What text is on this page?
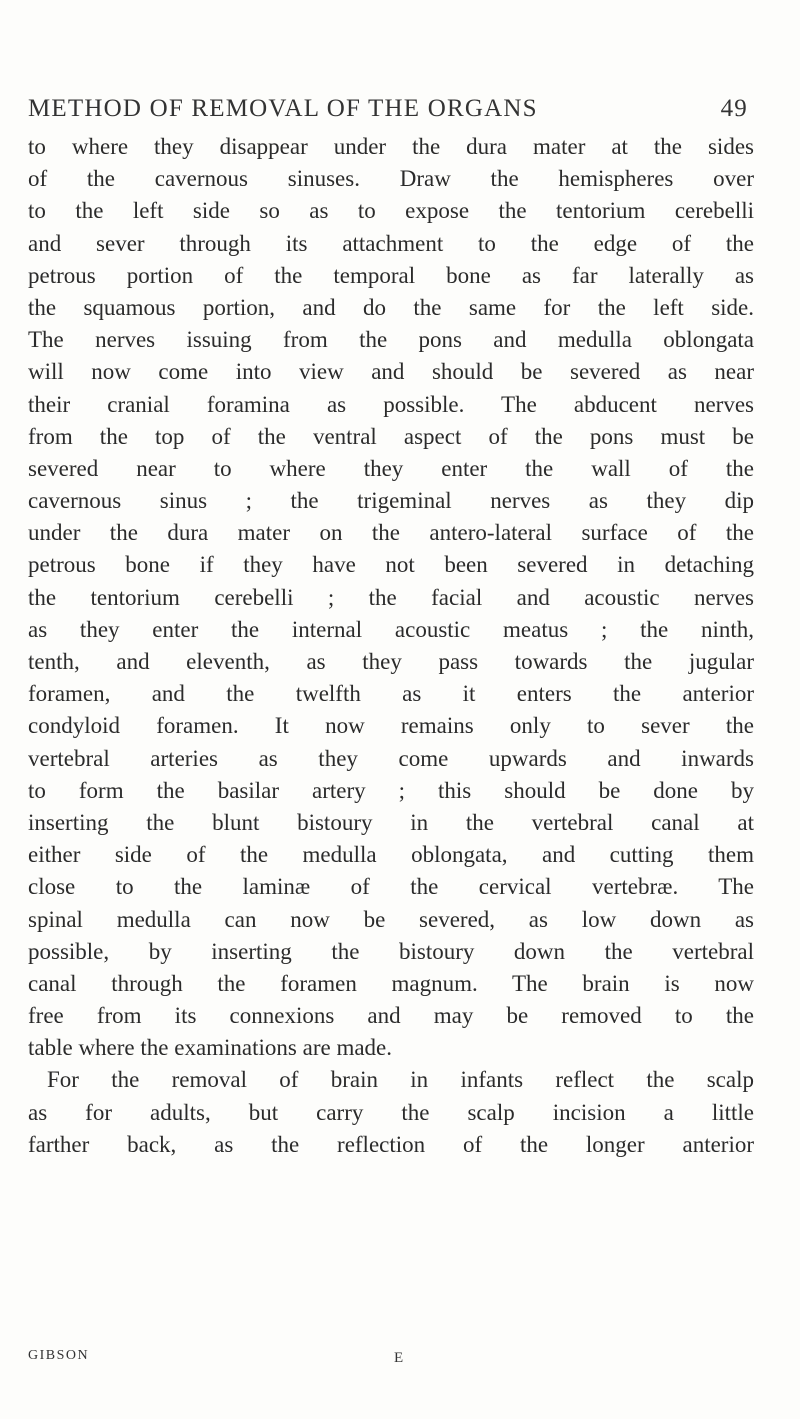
METHOD OF REMOVAL OF THE ORGANS	49
to where they disappear under the dura mater at the sides
of the cavernous sinuses. Draw the hemispheres over
to the left side so as to expose the tentorium cerebelli
and sever through its attachment to the edge of the
petrous portion of the temporal bone as far laterally as
the squamous portion, and do the same for the left side.
The nerves issuing from the pons and medulla oblongata
will now come into view and should be severed as near
their cranial foramina as possible. The abducent nerves
from the top of the ventral aspect of the pons must be
severed near to where they enter the wall of the
cavernous sinus ; the trigeminal nerves as they dip
under the dura mater on the antero-lateral surface of the
petrous bone if they have not been severed in detaching
the tentorium cerebelli ; the facial and acoustic nerves
as they enter the internal acoustic meatus ; the ninth,
tenth, and eleventh, as they pass towards the jugular
foramen, and the twelfth as it enters the anterior
condyloid foramen. It now remains only to sever the
vertebral arteries as they come upwards and inwards
to form the basilar artery ; this should be done by
inserting the blunt bistoury in the vertebral canal at
either side of the medulla oblongata, and cutting them
close to the laminæ of the cervical vertebræ. The
spinal medulla can now be severed, as low down as
possible, by inserting the bistoury down the vertebral
canal through the foramen magnum. The brain is now
free from its connexions and may be removed to the
table where the examinations are made.
For the removal of brain in infants reflect the scalp
as for adults, but carry the scalp incision a little
farther back, as the reflection of the longer anterior
GIBSON	E
